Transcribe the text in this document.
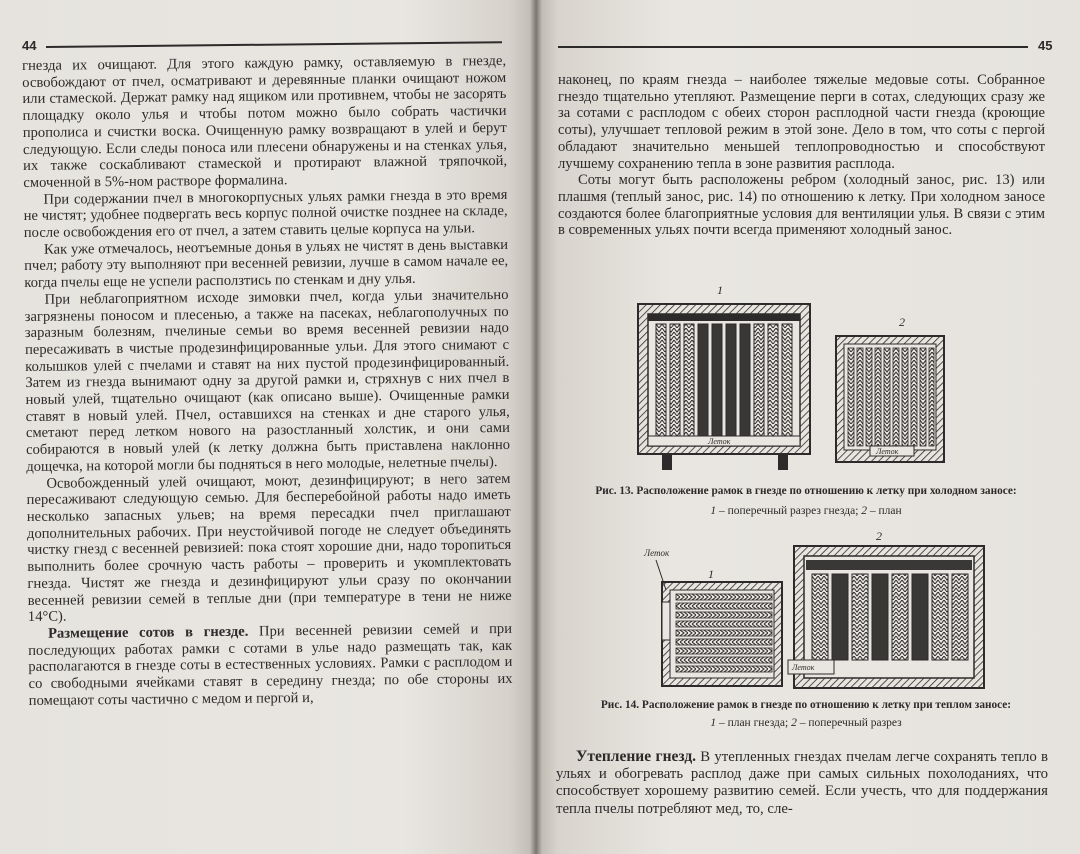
44

гнезда их очищают. Для этого каждую рамку, оставляемую в гнезде, освобождают от пчел, осматривают и деревянные планки очищают ножом или стамеской. Держат рамку над ящиком или противнем, чтобы не засорять площадку около улья и чтобы потом можно было собрать частички прополиса и счистки воска. Очищенную рамку возвращают в улей и берут следующую. Если следы поноса или плесени обнаружены и на стенках улья, их также соскабливают стамеской и протирают влажной тряпочкой, смоченной в 5%-ном растворе формалина.

При содержании пчел в многокорпусных ульях рамки гнезда в это время не чистят; удобнее подвергать весь корпус полной очистке позднее на складе, после освобождения его от пчел, а затем ставить целые корпуса на ульи.

Как уже отмечалось, неотъемные донья в ульях не чистят в день выставки пчел; работу эту выполняют при весенней ревизии, лучше в самом начале ее, когда пчелы еще не успели расползтись по стенкам и дну улья.

При неблагоприятном исходе зимовки пчел, когда ульи значительно загрязнены поносом и плесенью, а также на пасеках, неблагополучных по заразным болезням, пчелиные семьи во время весенней ревизии надо пересаживать в чистые продезинфицированные ульи. Для этого снимают с колышков улей с пчелами и ставят на них пустой продезинфицированный. Затем из гнезда вынимают одну за другой рамки и, стряхнув с них пчел в новый улей, тщательно очищают (как описано выше). Очищенные рамки ставят в новый улей. Пчел, оставшихся на стенках и дне старого улья, сметают перед летком нового на разостланный холстик, и они сами собираются в новый улей (к летку должна быть приставлена наклонно дощечка, на которой могли бы подняться в него молодые, нелетные пчелы).

Освобожденный улей очищают, моют, дезинфицируют; в него затем пересаживают следующую семью. Для бесперебойной работы надо иметь несколько запасных ульев; на время пересадки пчел приглашают дополнительных рабочих. При неустойчивой погоде не следует объединять чистку гнезд с весенней ревизией: пока стоят хорошие дни, надо торопиться выполнить более срочную часть работы – проверить и укомплектовать гнезда. Чистят же гнезда и дезинфицируют ульи сразу по окончании весенней ревизии семей в теплые дни (при температуре в тени не ниже 14°С).

Размещение сотов в гнезде. При весенней ревизии семей и при последующих работах рамки с сотами в улье надо размещать так, как располагаются в гнезде соты в естественных условиях. Рамки с расплодом и со свободными ячейками ставят в середину гнезда; по обе стороны их помещают соты частично с медом и пергой и,

45

наконец, по краям гнезда – наиболее тяжелые медовые соты. Собранное гнездо тщательно утепляют. Размещение перги в сотах, следующих сразу же за сотами с расплодом с обеих сторон расплодной части гнезда (кроющие соты), улучшает тепловой режим в этой зоне. Дело в том, что соты с пергой обладают значительно меньшей теплопроводностью и способствуют лучшему сохранению тепла в зоне развития расплода.

Соты могут быть расположены ребром (холодный занос, рис. 13) или плашмя (теплый занос, рис. 14) по отношению к летку. При холодном заносе создаются более благоприятные условия для вентиляции улья. В связи с этим в современных ульях почти всегда применяют холодный занос.

1
Леток
2
Леток
Рис. 13. Расположение рамок в гнезде по отношению к летку при холодном заносе:
1 – поперечный разрез гнезда; 2 – план
Леток
1
2
Леток
Рис. 14. Расположение рамок в гнезде по отношению к летку при теплом заносе:
1 – план гнезда; 2 – поперечный разрез

Утепление гнезд. В утепленных гнездах пчелам легче сохранять тепло в ульях и обогревать расплод даже при самых сильных похолоданиях, что способствует хорошему развитию семей. Если учесть, что для поддержания тепла пчелы потребляют мед, то, сле-
